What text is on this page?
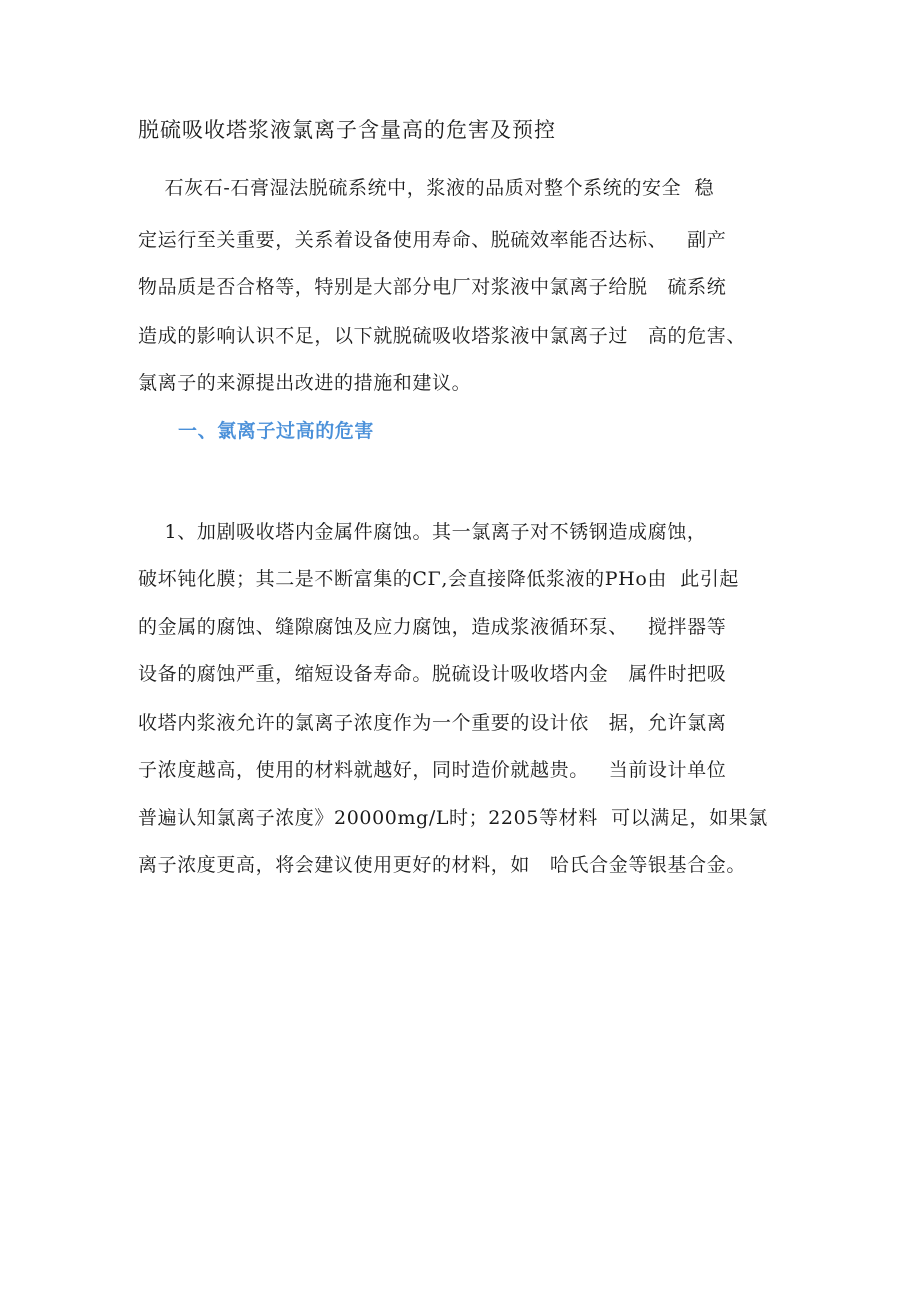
脱硫吸收塔浆液氯离子含量高的危害及预控

石灰石-石膏湿法脱硫系统中，浆液的品质对整个系统的安全  稳

定运行至关重要，关系着设备使用寿命、脱硫效率能否达标、   副产

物品质是否合格等，特别是大部分电厂对浆液中氯离子给脱   硫系统

造成的影响认识不足，以下就脱硫吸收塔浆液中氯离子过   高的危害、

氯离子的来源提出改进的措施和建议。

一、氯离子过高的危害

1、加剧吸收塔内金属件腐蚀。其一氯离子对不锈钢造成腐蚀，

破坏钝化膜；其二是不断富集的CΓ,会直接降低浆液的PHo由  此引起

的金属的腐蚀、缝隙腐蚀及应力腐蚀，造成浆液循环泵、   搅拌器等

设备的腐蚀严重，缩短设备寿命。脱硫设计吸收塔内金   属件时把吸

收塔内浆液允许的氯离子浓度作为一个重要的设计依   据，允许氯离

子浓度越高，使用的材料就越好，同时造价就越贵。   当前设计单位

普遍认知氯离子浓度》20000mg∕L时；2205等材料  可以满足，如果氯

离子浓度更高，将会建议使用更好的材料，如   哈氏合金等银基合金。
